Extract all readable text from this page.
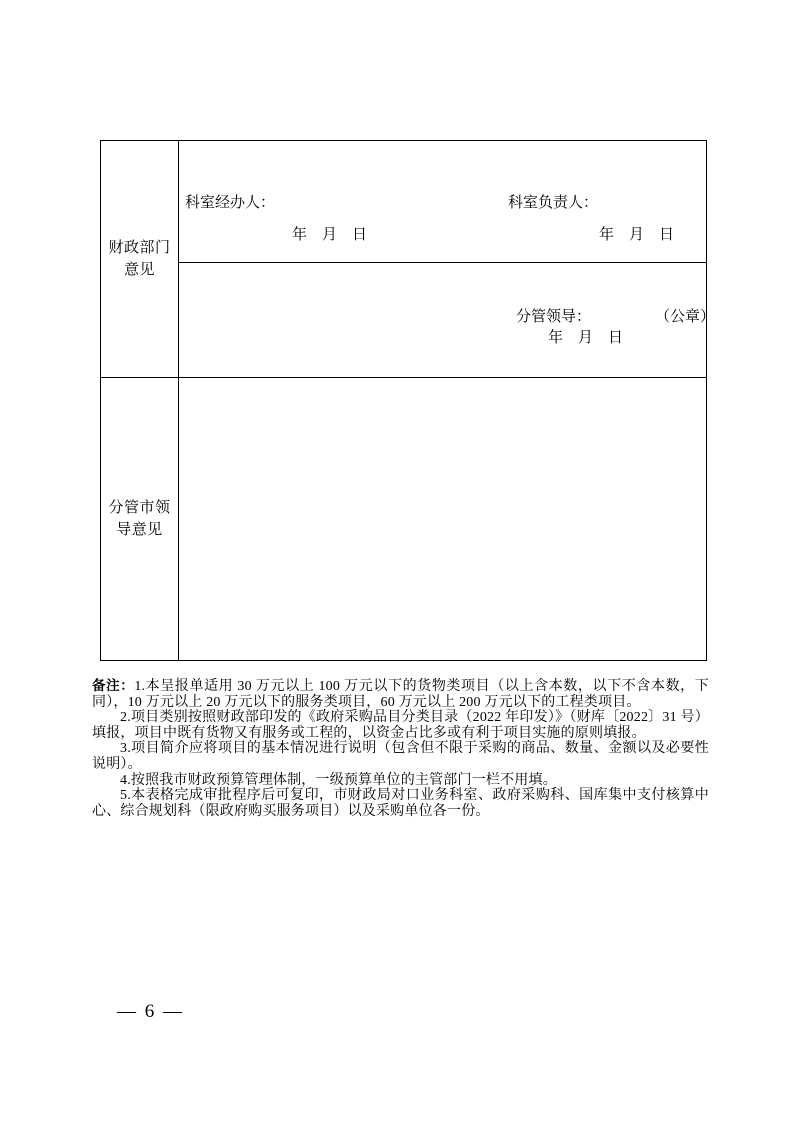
财政部门意见
科室经办人：	科室负责人：
年　月　日	年　月　日
分管领导：	（公章）
年　月　日
分管市领导意见

备注：1.本呈报单适用 30 万元以上 100 万元以下的货物类项目（以上含本数，以下不含本数，下同），10 万元以上 20 万元以下的服务类项目，60 万元以上 200 万元以下的工程类项目。

2.项目类别按照财政部印发的《政府采购品目分类目录（2022 年印发）》（财库〔2022〕31 号）填报，项目中既有货物又有服务或工程的，以资金占比多或有利于项目实施的原则填报。

3.项目简介应将项目的基本情况进行说明（包含但不限于采购的商品、数量、金额以及必要性说明）。

4.按照我市财政预算管理体制，一级预算单位的主管部门一栏不用填。

5.本表格完成审批程序后可复印，市财政局对口业务科室、政府采购科、国库集中支付核算中心、综合规划科（限政府购买服务项目）以及采购单位各一份。

— 6 —
